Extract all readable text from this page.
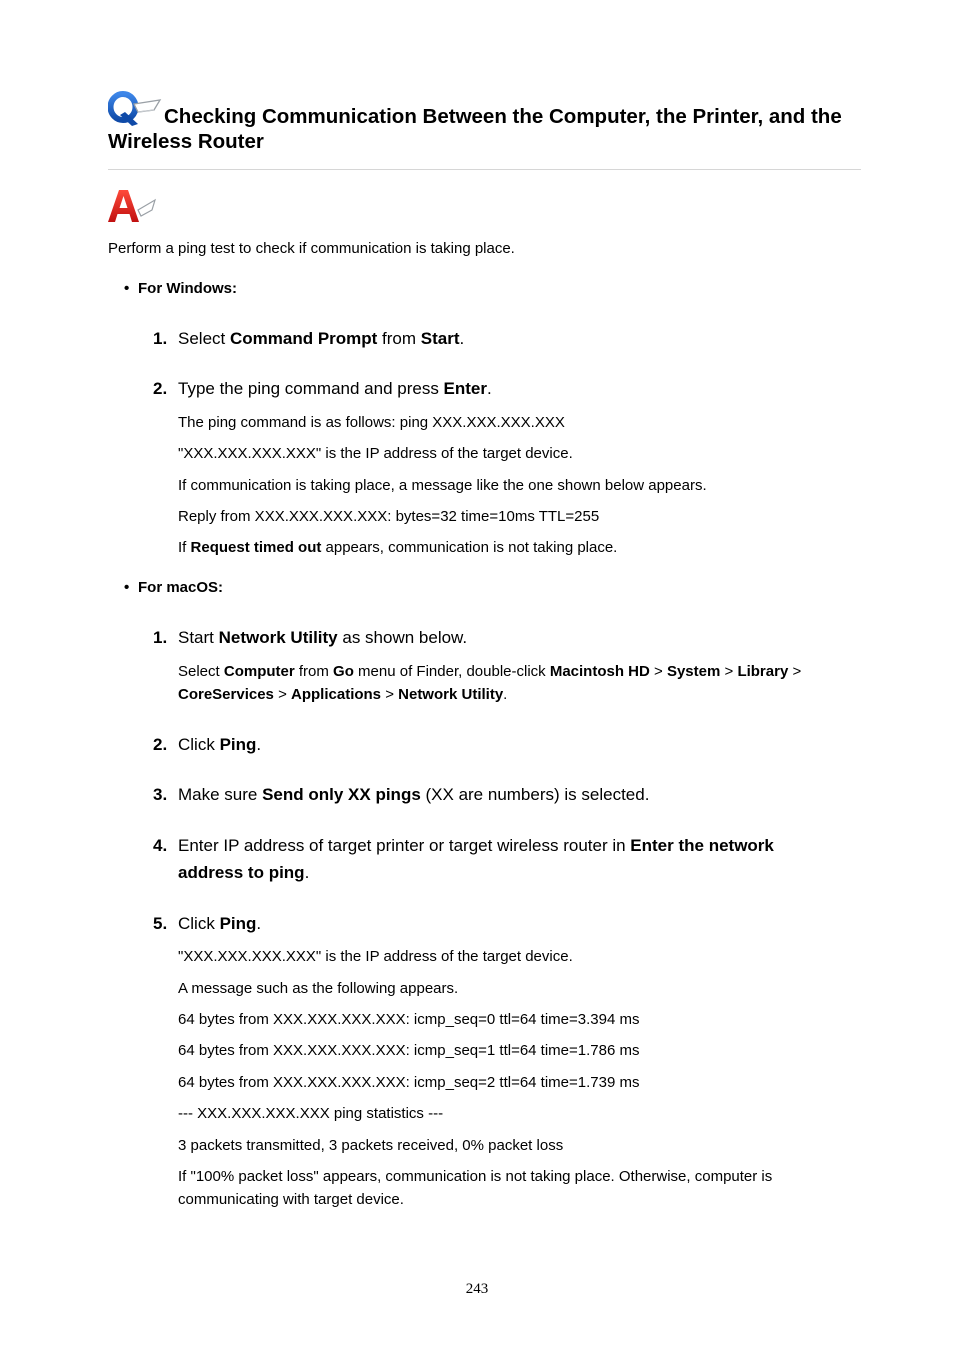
Checking Communication Between the Computer, the Printer, and the Wireless Router

Perform a ping test to check if communication is taking place.

• For Windows:
1. Select Command Prompt from Start.
2. Type the ping command and press Enter.

The ping command is as follows: ping XXX.XXX.XXX.XXX

"XXX.XXX.XXX.XXX" is the IP address of the target device.

If communication is taking place, a message like the one shown below appears.

Reply from XXX.XXX.XXX.XXX: bytes=32 time=10ms TTL=255

If Request timed out appears, communication is not taking place.

• For macOS:
1. Start Network Utility as shown below.

Select Computer from Go menu of Finder, double-click Macintosh HD > System > Library >
CoreServices > Applications > Network Utility.

2. Click Ping.
3. Make sure Send only XX pings (XX are numbers) is selected.
4. Enter IP address of target printer or target wireless router in Enter the network address to ping.
5. Click Ping.

"XXX.XXX.XXX.XXX" is the IP address of the target device.

A message such as the following appears.

64 bytes from XXX.XXX.XXX.XXX: icmp_seq=0 ttl=64 time=3.394 ms

64 bytes from XXX.XXX.XXX.XXX: icmp_seq=1 ttl=64 time=1.786 ms

64 bytes from XXX.XXX.XXX.XXX: icmp_seq=2 ttl=64 time=1.739 ms

--- XXX.XXX.XXX.XXX ping statistics ---

3 packets transmitted, 3 packets received, 0% packet loss

If "100% packet loss" appears, communication is not taking place. Otherwise, computer is communicating with target device.

243
